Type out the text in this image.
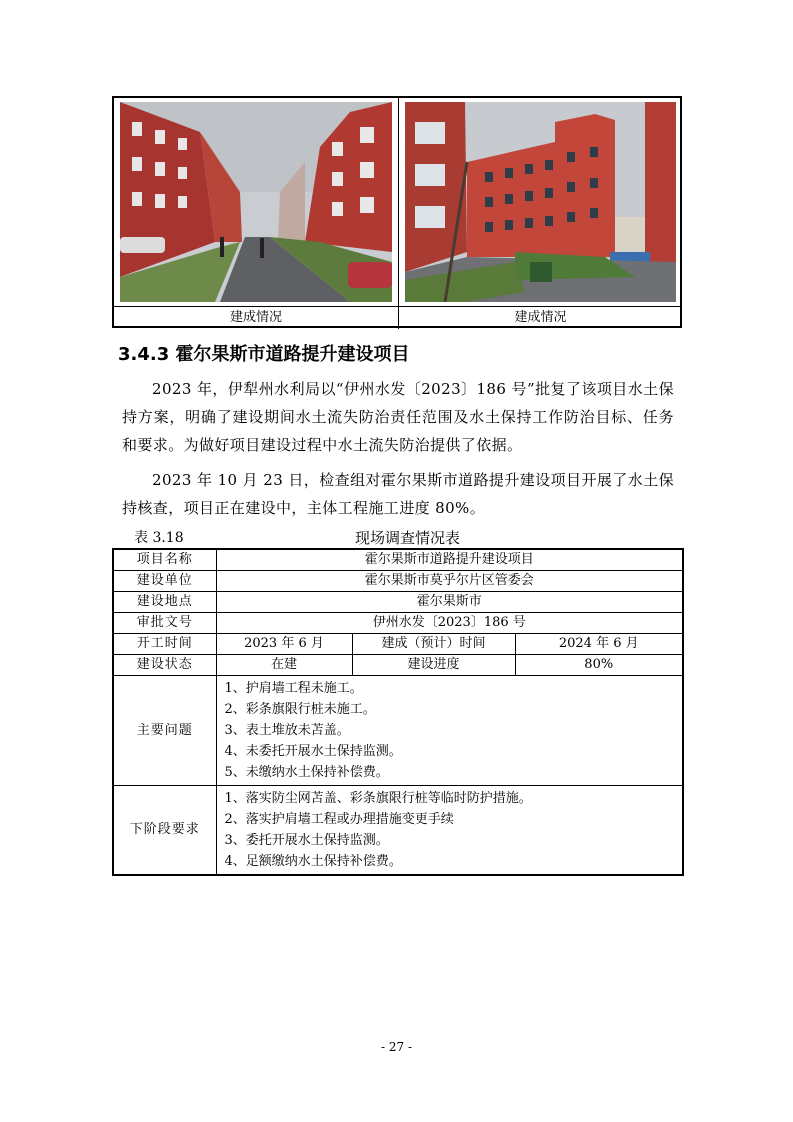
建成情况	建成情况
3.4.3 霍尔果斯市道路提升建设项目
2023 年，伊犁州水利局以“伊州水发〔2023〕186 号”批复了该项目水土保持方案，明确了建设期间水土流失防治责任范围及水土保持工作防治目标、任务和要求。为做好项目建设过程中水土流失防治提供了依据。
2023 年 10 月 23 日，检查组对霍尔果斯市道路提升建设项目开展了水土保持核查，项目正在建设中，主体工程施工进度 80%。
表 3.18	现场调查情况表
项目名称	霍尔果斯市道路提升建设项目		
建设单位	霍尔果斯市莫乎尔片区管委会		
建设地点	霍尔果斯市		
审批文号	伊州水发〔2023〕186 号		
开工时间	2023 年 6 月	建成（预计）时间	2024 年 6 月
建设状态	在建	建设进度	80%
主要问题	1、护肩墙工程未施工。
2、彩条旗限行桩未施工。
3、表土堆放未苫盖。
4、未委托开展水土保持监测。
5、未缴纳水土保持补偿费。		

下阶段要求	1、落实防尘网苫盖、彩条旗限行桩等临时防护措施。
2、落实护肩墙工程或办理措施变更手续
3、委托开展水土保持监测。
4、足额缴纳水土保持补偿费。		
- 27 -
